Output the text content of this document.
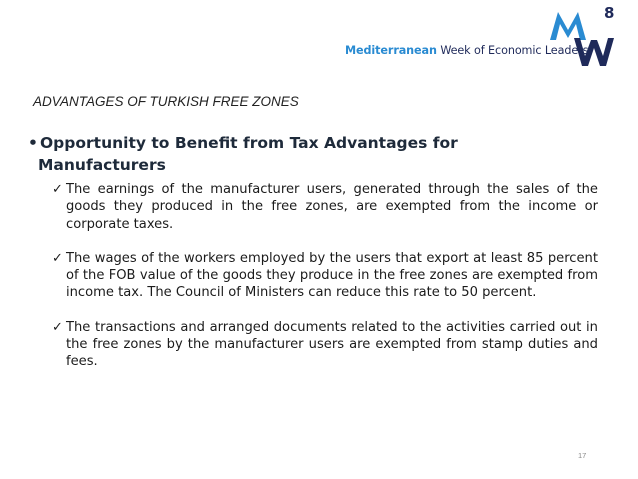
8
Mediterranean Week of Economic Leaders
ADVANTAGES OF TURKISH FREE ZONES
• Opportunity to Benefit from Tax Advantages for
Manufacturers
✓ The earnings of the manufacturer users, generated through the sales of the goods they produced in the free zones, are exempted from the income or corporate taxes.
✓ The wages of the workers employed by the users that export at least 85 percent of the FOB value of the goods they produce in the free zones are exempted from income tax. The Council of Ministers can reduce this rate to 50 percent.
✓ The transactions and arranged documents related to the activities carried out in the free zones by the manufacturer users are exempted from stamp duties and fees.
17
